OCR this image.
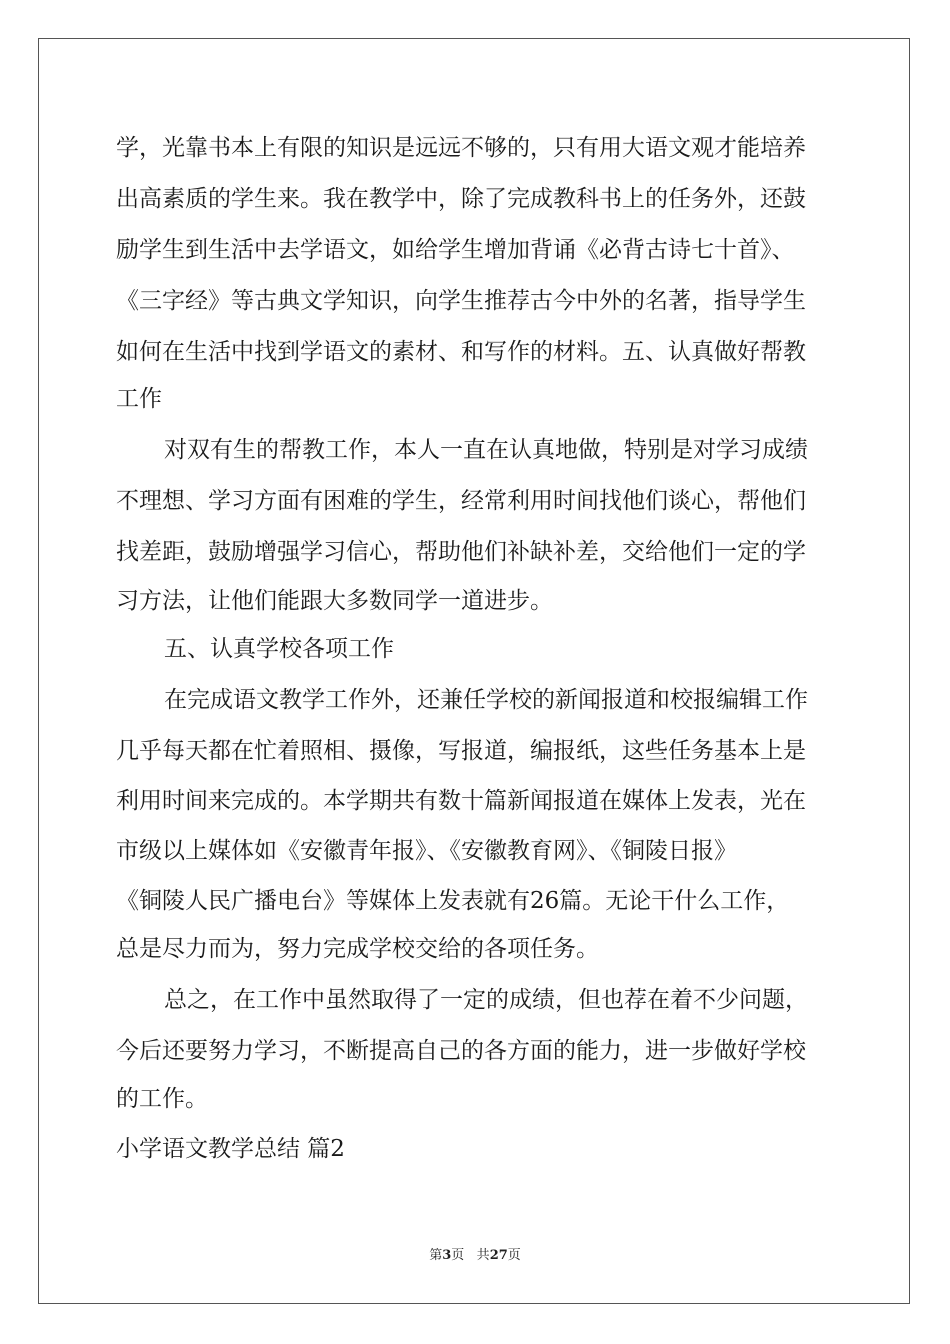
学，光靠书本上有限的知识是远远不够的，只有用大语文观才能培养
出高素质的学生来。我在教学中，除了完成教科书上的任务外，还鼓
励学生到生活中去学语文，如给学生增加背诵《必背古诗七十首》、
《三字经》等古典文学知识，向学生推荐古今中外的名著，指导学生
如何在生活中找到学语文的素材、和写作的材料。五、认真做好帮教
工作
对双有生的帮教工作，本人一直在认真地做，特别是对学习成绩
不理想、学习方面有困难的学生，经常利用时间找他们谈心，帮他们
找差距，鼓励增强学习信心，帮助他们补缺补差，交给他们一定的学
习方法，让他们能跟大多数同学一道进步。
五、认真学校各项工作
在完成语文教学工作外，还兼任学校的新闻报道和校报编辑工作
几乎每天都在忙着照相、摄像，写报道，编报纸，这些任务基本上是
利用时间来完成的。本学期共有数十篇新闻报道在媒体上发表，光在
市级以上媒体如《安徽青年报》、《安徽教育网》、《铜陵日报》
《铜陵人民广播电台》等媒体上发表就有26篇。无论干什么工作，
总是尽力而为，努力完成学校交给的各项任务。
总之，在工作中虽然取得了一定的成绩，但也荐在着不少问题，
今后还要努力学习，不断提高自己的各方面的能力，进一步做好学校
的工作。
小学语文教学总结 篇2
第3页 共27页
